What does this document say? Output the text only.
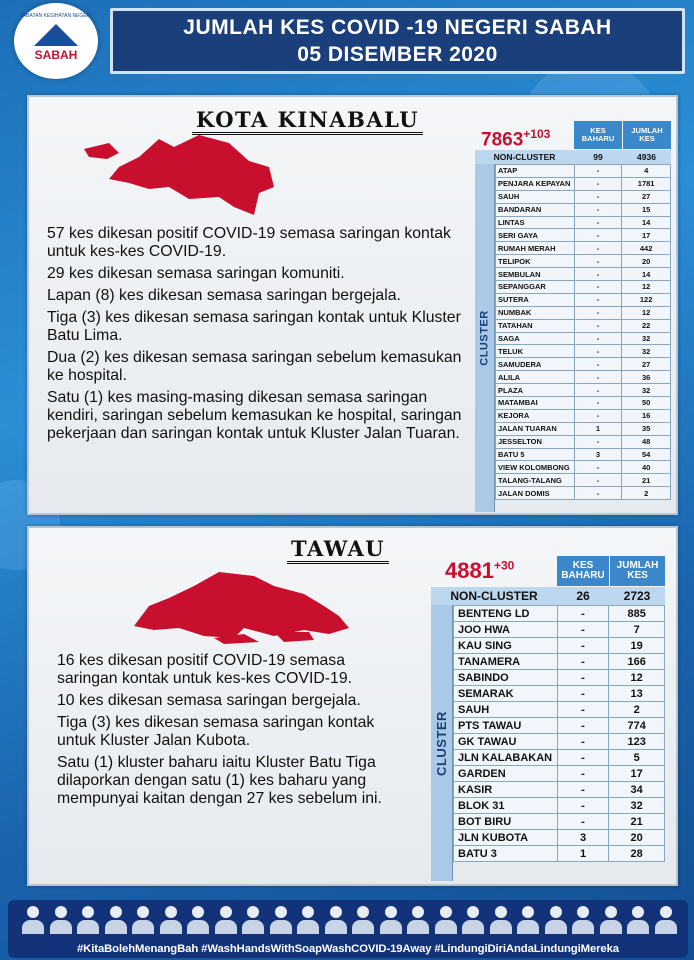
JABATAN KESIHATAN NEGERI
SABAH
JUMLAH KES COVID -19 NEGERI SABAH
05 DISEMBER 2020
KOTA KINABALU

57 kes dikesan positif COVID-19 semasa saringan kontak untuk kes-kes COVID-19.

29 kes dikesan semasa saringan komuniti.

Lapan (8) kes dikesan semasa saringan bergejala.

Tiga (3) kes dikesan semasa saringan kontak untuk Kluster Batu Lima.

Dua (2) kes dikesan semasa saringan sebelum kemasukan ke hospital.

Satu (1) kes masing-masing dikesan semasa saringan kendiri, saringan sebelum kemasukan ke hospital, saringan pekerjaan dan saringan kontak untuk Kluster Jalan Tuaran.

$7863^{+103}$	KES BAHARU
JUMLAH KES
NON-CLUSTER	99	4936
CLUSTER
ATAP	-	4
PENJARA KEPAYAN	-	1781
SAUH	-	27
BANDARAN	-	15
LINTAS	-	14
SERI GAYA	-	17
RUMAH MERAH	-	442
TELIPOK	-	20
SEMBULAN	-	14
SEPANGGAR	-	12
SUTERA	-	122
NUMBAK	-	12
TATAHAN	-	22
SAGA	-	32
TELUK	-	32
SAMUDERA	-	27
ALILA	-	36
PLAZA	-	32
MATAMBAI	-	50
KEJORA	-	16
JALAN TUARAN	1	35
JESSELTON	-	48
BATU 5	3	54
VIEW KOLOMBONG	-	40
TALANG-TALANG	-	21
JALAN DOMIS	-	2
TAWAU

16 kes dikesan positif COVID-19 semasa saringan kontak untuk kes-kes COVID-19.

10 kes dikesan semasa saringan bergejala.

Tiga (3) kes dikesan semasa saringan kontak untuk Kluster Jalan Kubota.

Satu (1) kluster baharu iaitu Kluster Batu Tiga dilaporkan dengan satu (1) kes baharu yang mempunyai kaitan dengan 27 kes sebelum ini.

$4881^{+30}$	KES BAHARU
JUMLAH KES
NON-CLUSTER	26	2723
CLUSTER
BENTENG LD	-	885
JOO HWA	-	7
KAU SING	-	19
TANAMERA	-	166
SABINDO	-	12
SEMARAK	-	13
SAUH	-	2
PTS TAWAU	-	774
GK TAWAU	-	123
JLN KALABAKAN	-	5
GARDEN	-	17
KASIR	-	34
BLOK 31	-	32
BOT BIRU	-	21
JLN KUBOTA	3	20
BATU 3	1	28
#KitaBolehMenangBah #WashHandsWithSoapWashCOVID-19Away #LindungiDiriAndaLindungiMereka
